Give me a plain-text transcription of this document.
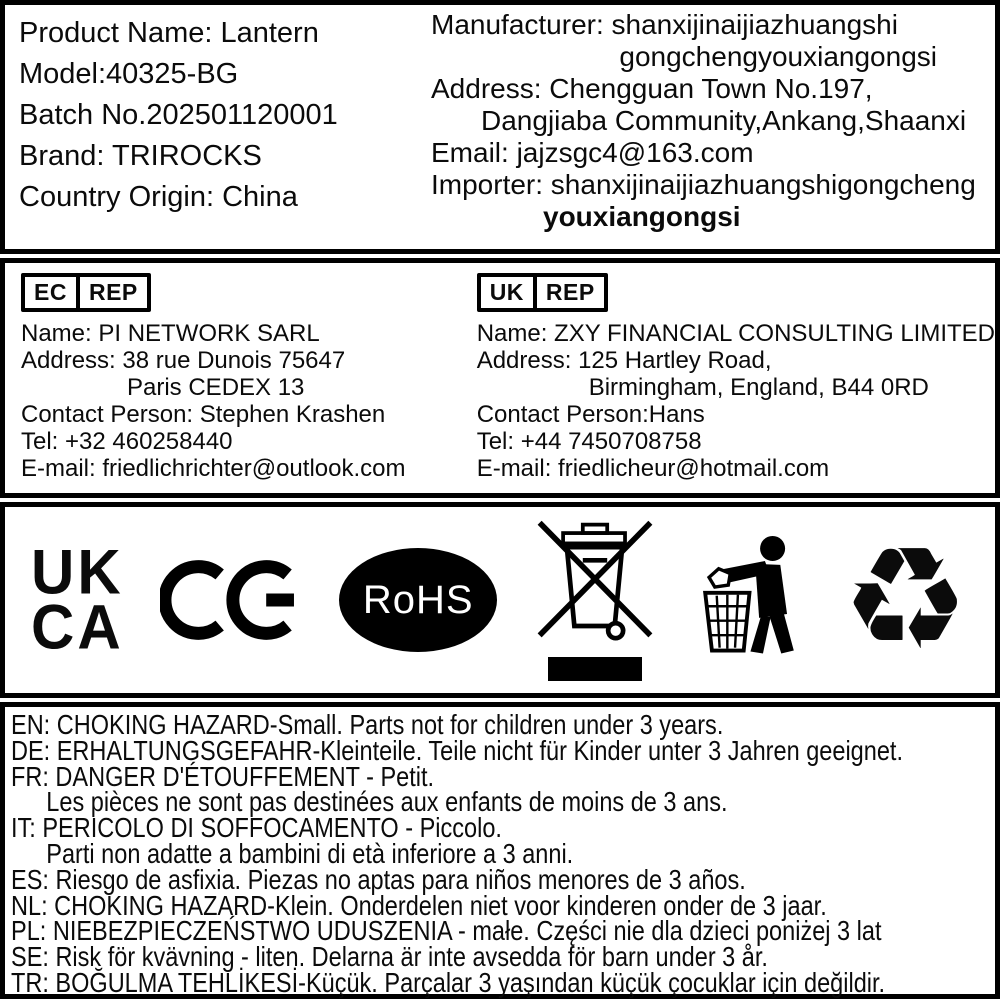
Product Name: Lantern
Model:40325-BG
Batch No.202501120001
Brand: TRIROCKS
Country Origin: China
Manufacturer: shanxijinaijiazhuangshi
gongchengyouxiangongsi
Address: Chengguan Town No.197,
Dangjiaba Community,Ankang,Shaanxi
Email: jajzsgc4@163.com
Importer: shanxijinaijiazhuangshigongcheng
youxiangongsi
EC REP
Name: PI NETWORK SARL
Address: 38 rue Dunois 75647
Paris CEDEX 13
Contact Person: Stephen Krashen
Tel: +32 460258440
E-mail: friedlichrichter@outlook.com
UK REP
Name: ZXY FINANCIAL CONSULTING LIMITED
Address: 125 Hartley Road,
Birmingham, England, B44 0RD
Contact Person:Hans
Tel: +44 7450708758
E-mail: friedlicheur@hotmail.com
UK
CA	RoHS	♻
EN: CHOKING HAZARD-Small. Parts not for children under 3 years.
DE: ERHALTUNGSGEFAHR-Kleinteile. Teile nicht für Kinder unter 3 Jahren geeignet.
FR: DANGER D'ÉTOUFFEMENT - Petit.
Les pièces ne sont pas destinées aux enfants de moins de 3 ans.
IT: PERICOLO DI SOFFOCAMENTO - Piccolo.
Parti non adatte a bambini di età inferiore a 3 anni.
ES: Riesgo de asfixia. Piezas no aptas para niños menores de 3 años.
NL: CHOKING HAZARD-Klein. Onderdelen niet voor kinderen onder de 3 jaar.
PL: NIEBEZPIECZEŃSTWO UDUSZENIA - małe. Części nie dla dzieci poniżej 3 lat
SE: Risk för kvävning - liten. Delarna är inte avsedda för barn under 3 år.
TR: BOĞULMA TEHLİKESİ-Küçük. Parçalar 3 yaşından küçük çocuklar için değildir.
